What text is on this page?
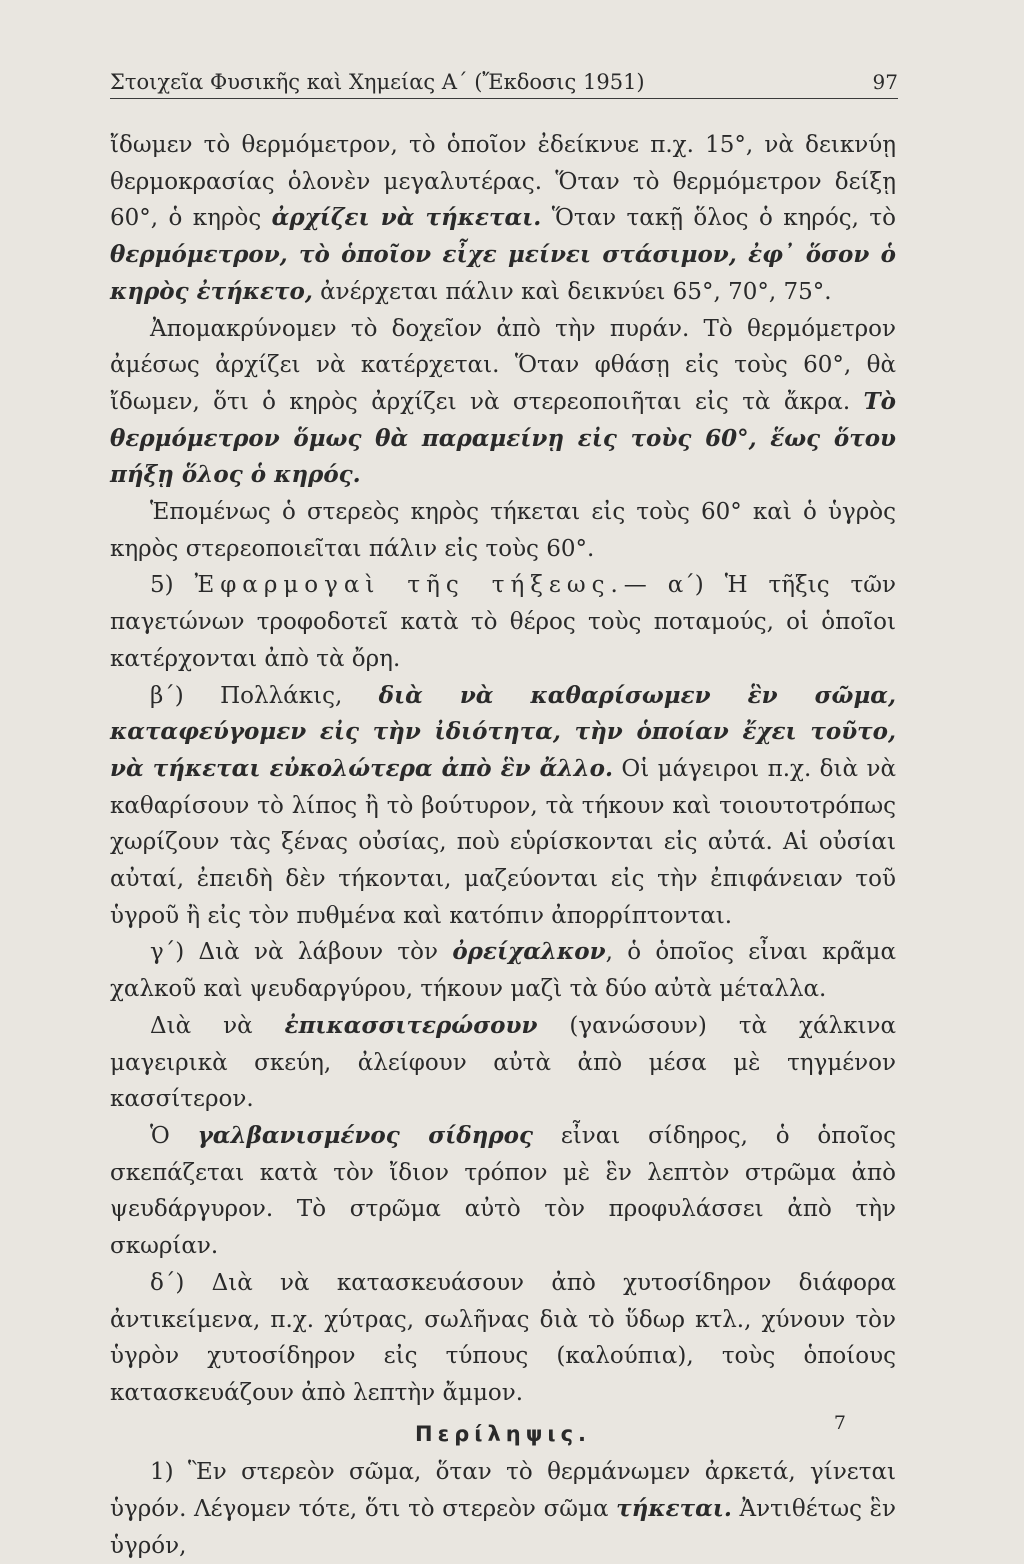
Στοιχεῖα Φυσικῆς καὶ Χημείας Α΄ (Ἔκδοσις 1951)	97

ἴδωμεν τὸ θερμόμετρον, τὸ ὁποῖον ἐδείκνυε π.χ. 15°, νὰ δεικνύῃ θερμοκρασίας ὁλονὲν μεγαλυτέρας. Ὅταν τὸ θερμόμετρον δείξῃ 60°, ὁ κηρὸς ἀρχίζει νὰ τήκεται. Ὅταν τακῇ ὅλος ὁ κηρός, τὸ θερμόμετρον, τὸ ὁποῖον εἶχε μείνει στάσιμον, ἐφ᾿ ὅσον ὁ κηρὸς ἐτήκετο, ἀνέρχεται πάλιν καὶ δεικνύει 65°, 70°, 75°.

Ἀπομακρύνομεν τὸ δοχεῖον ἀπὸ τὴν πυράν. Τὸ θερμόμετρον ἀμέσως ἀρχίζει νὰ κατέρχεται. Ὅταν φθάσῃ εἰς τοὺς 60°, θὰ ἴδωμεν, ὅτι ὁ κηρὸς ἀρχίζει νὰ στερεοποιῆται εἰς τὰ ἄκρα. Τὸ θερμόμετρον ὅμως θὰ παραμείνῃ εἰς τοὺς 60°, ἕως ὅτου πήξῃ ὅλος ὁ κηρός.

Ἑπομένως ὁ στερεὸς κηρὸς τήκεται εἰς τοὺς 60° καὶ ὁ ὑγρὸς κηρὸς στερεοποιεῖται πάλιν εἰς τοὺς 60°.

5) Ἐφαρμογαὶ τῆς τήξεως.— α΄) Ἡ τῆξις τῶν παγετώνων τροφοδοτεῖ κατὰ τὸ θέρος τοὺς ποταμούς, οἱ ὁποῖοι κατέρχονται ἀπὸ τὰ ὄρη.

β΄) Πολλάκις, διὰ νὰ καθαρίσωμεν ἓν σῶμα, καταφεύγομεν εἰς τὴν ἰδιότητα, τὴν ὁποίαν ἔχει τοῦτο, νὰ τήκεται εὐκολώτερα ἀπὸ ἓν ἄλλο. Οἱ μάγειροι π.χ. διὰ νὰ καθαρίσουν τὸ λίπος ἢ τὸ βούτυρον, τὰ τήκουν καὶ τοιουτοτρόπως χωρίζουν τὰς ξένας οὐσίας, ποὺ εὑρίσκονται εἰς αὐτά. Αἱ οὐσίαι αὐταί, ἐπειδὴ δὲν τήκονται, μαζεύονται εἰς τὴν ἐπιφάνειαν τοῦ ὑγροῦ ἢ εἰς τὸν πυθμένα καὶ κατόπιν ἀπορρίπτονται.

γ΄) Διὰ νὰ λάβουν τὸν ὀρείχαλκον, ὁ ὁποῖος εἶναι κρᾶμα χαλκοῦ καὶ ψευδαργύρου, τήκουν μαζὶ τὰ δύο αὐτὰ μέταλλα.

Διὰ νὰ ἐπικασσιτερώσουν (γανώσουν) τὰ χάλκινα μαγειρικὰ σκεύη, ἀλείφουν αὐτὰ ἀπὸ μέσα μὲ τηγμένον κασσίτερον.

Ὁ γαλβανισμένος σίδηρος εἶναι σίδηρος, ὁ ὁποῖος σκεπάζεται κατὰ τὸν ἴδιον τρόπον μὲ ἓν λεπτὸν στρῶμα ἀπὸ ψευδάργυρον. Τὸ στρῶμα αὐτὸ τὸν προφυλάσσει ἀπὸ τὴν σκωρίαν.

δ΄) Διὰ νὰ κατασκευάσουν ἀπὸ χυτοσίδηρον διάφορα ἀντικείμενα, π.χ. χύτρας, σωλῆνας διὰ τὸ ὕδωρ κτλ., χύνουν τὸν ὑγρὸν χυτοσίδηρον εἰς τύπους (καλούπια), τοὺς ὁποίους κατασκευάζουν ἀπὸ λεπτὴν ἄμμον.

Περίληψις.

1) Ἓν στερεὸν σῶμα, ὅταν τὸ θερμάνωμεν ἀρκετά, γίνεται ὑγρόν. Λέγομεν τότε, ὅτι τὸ στερεὸν σῶμα τήκεται. Ἀντιθέτως ἓν ὑγρόν,

7
